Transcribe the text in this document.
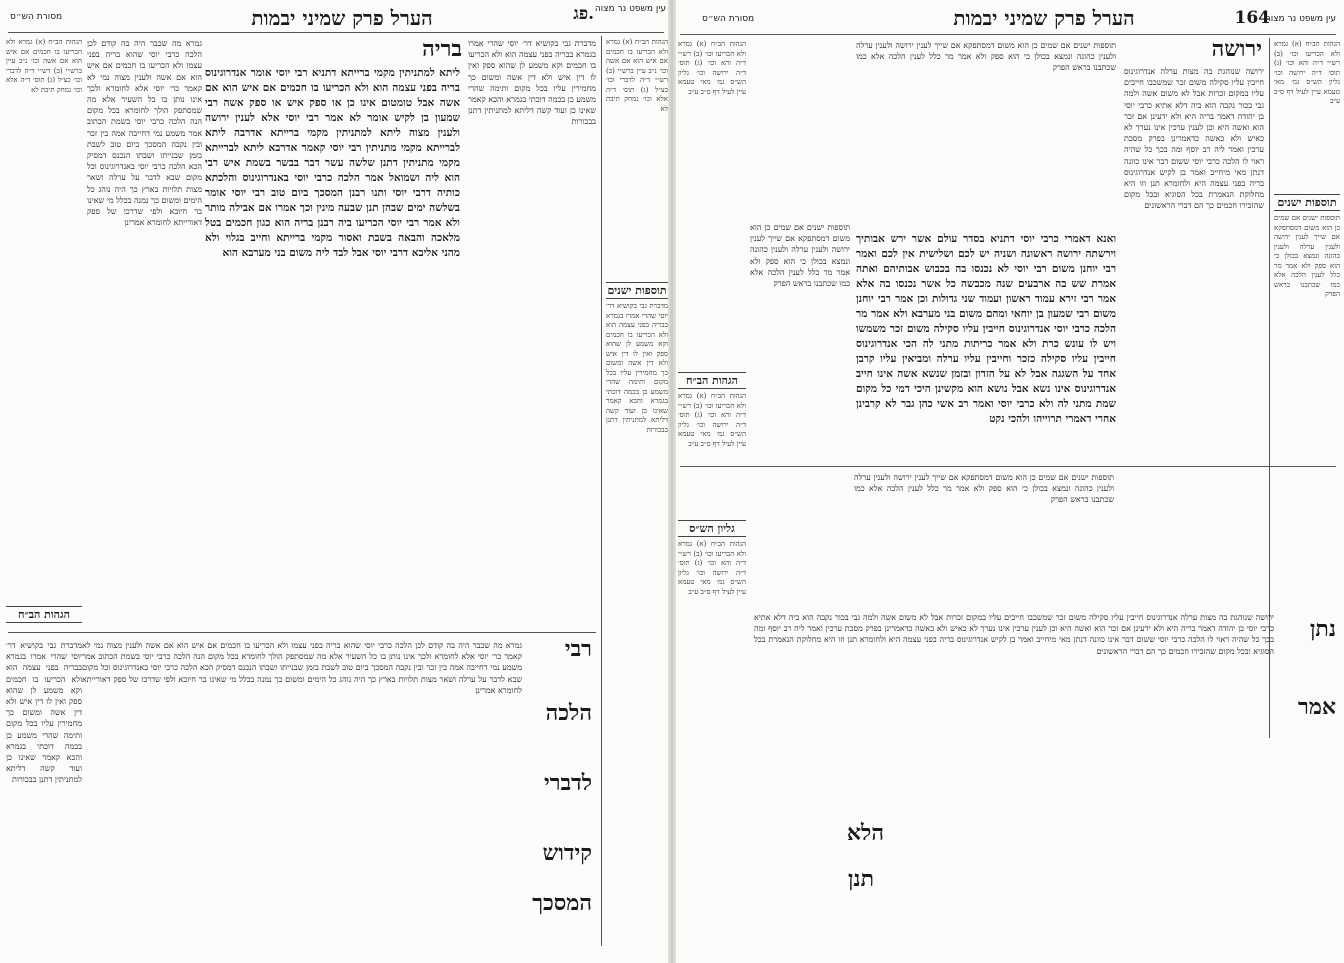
עין משפט נר מצוה
פג.
הערל פרק שמיני יבמות
מסורת הש״ס
הגהות הב״ח (א) גמרא ולא הכריעו בו חכמים אם איש הוא אם אשה וכו׳ נ״ב עיין ברש״י (ב) רש״י ד״ה לדברי וכו׳ כצ״ל (ג) תוס׳ ד״ה אלא וכו׳ נמחק תיבת לא
תוספות ישנים
מדברת גבי בקושיא דר׳ יוסי שהרי אמרו בגמרא בבריה בפני עצמה הוא ולא הכריעו בו חכמים וקא משמע לן שהוא ספק ואין לו דין איש ולא דין אשה ומשום כך מחמירין עליו בכל מקום ותימה שהרי משמע כן בכמה דוכתי בגמרא והכא קאמר שאינו כן ועוד קשה דליתא למתניתין דתנן בבכורות
מדברת גבי בקושיא דר׳ יוסי שהרי אמרו בגמרא בבריה בפני עצמה הוא ולא הכריעו בו חכמים וקא משמע לן שהוא ספק ואין לו דין איש ולא דין אשה ומשום כך מחמירין עליו בכל מקום ותימה שהרי משמע כן בכמה דוכתי בגמרא והכא קאמר שאינו כן ועוד קשה דליתא למתניתין דתנן בבכורות
בריה
ליתא למתניתין מקמי ברייתא דתניא רבי יוסי אומר אנדרוגינוס בריה בפני עצמה הוא ולא הכריעו בו חכמים אם איש הוא אם אשה אבל טומטום אינו כן או ספק איש או ספק אשה רבי שמעון בן לקיש אומר לא אמר רבי יוסי אלא לענין ירושה ולענין מצוה ליתא למתניתין מקמי ברייתא אדרבה ליתא לברייתא מקמי מתניתין רבי יוסי קאמר אדרבא ליתא לברייתא מקמי מתניתין דתנן שלשה עשר דבר בבשר בשמת איש רבי הוא ליה ושמואל אמר הלכה כרבי יוסי באנדרוגינוס והלכתא כותיה דרבי יוסי ותנו רבנן המסכך ביום טוב רבי יוסי אומר בשלשה ימים שבהן תנן שבעה מינין וכך אמרו אם אבילה מותר ולא אמר רבי יוסי הכריעו ביה רבנן בריה הוא כגון חכמים בטל מלאכה והבאה בשבת ואסור מקמי ברייתא וחייב בגלוי ולא מהני אליבא דרבי יוסי אבל לבד ליה משום בני מערבא הוא
גמרא מה שכבר היה בה קודם לכן הלכה כרבי יוסי שהוא בריה בפני עצמו ולא הכריעו בו חכמים אם איש הוא אם אשה ולענין מצוה נמי לא קאמר כר׳ יוסי אלא לחומרא ולכך אינו נותן בו כל השעיר אלא מה שמסתפק הולך לחומרא בכל מקום הנה הלכה כרבי יוסי בשמת הכתוב אמר משמע נמי דחייבה אמה בין זכר ובין נקבה המסכך ביום טוב לשבת בזמן שבנייתו ושבתו הנכנס דמסיק הכא הלכה כרבי יוסי באנדרוגינוס וכל מקום שבא לדבר על ערלה ושאר מצות תלויות בארץ כך היה נוהג כל הימים ומשום כך נמנה בכלל מי שאינו בר חיובא ולפי שדרכו של ספק דאורייתא לחומרא אמרינן
הגהות הב״ח (א) גמרא ולא הכריעו בו חכמים אם איש הוא אם אשה וכו׳ נ״ב עיין ברש״י (ב) רש״י ד״ה לדברי וכו׳ כצ״ל (ג) תוס׳ ד״ה אלא וכו׳ נמחק תיבת לא
הגהות הב״ח
רבי
הלכה
לדברי
קידוש
המסכך
גמרא מה שכבר היה בה קודם לכן הלכה כרבי יוסי שהוא בריה בפני עצמו ולא הכריעו בו חכמים אם איש הוא אם אשה ולענין מצוה נמי לא קאמר כר׳ יוסי אלא לחומרא ולכך אינו נותן בו כל השעיר אלא מה שמסתפק הולך לחומרא בכל מקום הנה הלכה כרבי יוסי בשמת הכתוב אמר משמע נמי דחייבה אמה בין זכר ובין נקבה המסכך ביום טוב לשבת בזמן שבנייתו ושבתו הנכנס דמסיק הכא הלכה כרבי יוסי באנדרוגינוס וכל מקום שבא לדבר על ערלה ושאר מצות תלויות בארץ כך היה נוהג כל הימים ומשום כך נמנה בכלל מי שאינו בר חיובא ולפי שדרכו של ספק דאורייתא לחומרא אמרינן
מדברת גבי בקושיא דר׳ יוסי שהרי אמרו בגמרא בבריה בפני עצמה הוא ולא הכריעו בו חכמים וקא משמע לן שהוא ספק ואין לו דין איש ולא דין אשה ומשום כך מחמירין עליו בכל מקום ותימה שהרי משמע כן בכמה דוכתי בגמרא והכא קאמר שאינו כן ועוד קשה דליתא למתניתין דתנן בבכורות
עין משפט נר מצוה
164
הערל פרק שמיני יבמות
מסורת הש״ס
הגהות הב״ח (א) גמרא ולא הכריעו וכו׳ (ב) רש״י ד״ה והא וכו׳ (ג) תוס׳ ד״ה ירושה וכו׳ גליון הש״ס גמ׳ מאי טעמא עיין לעיל דף ס״ב ע״ב
תוספות ישנים
תוספות ישנים אם שמים כן הוא משום דמסתפקא אם שייך לענין ירושה ולענין ערלה ולענין כהונה ונמצא בכולן כי הוא ספק ולא אמר מר כלל לענין הלכה אלא כמו שכתבנו בראש הפרק
ירושה
ירושה שנוהגת בה מצות ערלה אנדרוגינוס חייבין עליו סקילה משום זכר שמשכבו חייבים עליו במקום זכרות אבל לא משום אשה ולמה גבי בכור נקבה הוא ביה דלא אתיא כרבי יוסי בן יהודה דאמר בריה היא ולא ידעינן אם זכר הוא ואשה היא וכן לענין ערכין אינו נערך לא כאיש ולא כאשה כדאמרינן בפרק מסכת ערכין ואמר ליה רב יוסף ומה בכך כל שהיה ראוי לו הלכה כרבי יוסי ששום דבר אינו כוונה דנתן מאי מיחייב ואמר בן לקיש אנדרוגינוס בריה בפני עצמה היא ולחומרא תנן וזו היא מחלוקת הנאמרת בכל הסוגיא ובכל מקום שהזכירו חכמים כך הם דברי הראשונים
ואנא דאמרי כרבי יוסי דתניא בסדר עולם אשר ירש אבותיך וירשתה ירושה ראשונה ושניה יש לכם ושלישית אין לכם ואמר רבי יוחנן משום רבי יוסי לא נכנסו בה בכבוש אבותיהם ואתה אמרת שש בה ארבעים שנה מכבשה כל אשר נכנסו בה אלא אמר רבי זירא עמוד ראשון ועמוד שני גדולות וכן אמר רבי יוחנן משום רבי שמעון בן יוחאי ומהם משום בני מערבא ולא אמר מר הלכה כרבי יוסי אנדרוגינוס חייבין עליו סקילה משום זכר משמשו ויש לו עונש כרת ולא אמר כריתות מתני לה הכי אנדרוגינוס חייבין עליו סקילה כזכר וחייבין עליו ערלה ומביאין עליו קרבן אחד על השגגה אבל לא על הזדון ובזמן שנשא אשה אינו חייב אנדרוגינוס אינו נשא אבל נושא הוא מקשינן היכי דמי כל מקום שמת מתני לה ולא כרבי יוסי ואמר רב אשי כהן גבר לא קרבינן אחרי דאמרי תרוייהו ולהכי נקט
תוספות ישנים אם שמים כן הוא משום דמסתפקא אם שייך לענין ירושה ולענין ערלה ולענין כהונה ונמצא בכולן כי הוא ספק ולא אמר מר כלל לענין הלכה אלא כמו שכתבנו בראש הפרק
הגהות הב״ח (א) גמרא ולא הכריעו וכו׳ (ב) רש״י ד״ה והא וכו׳ (ג) תוס׳ ד״ה ירושה וכו׳ גליון הש״ס גמ׳ מאי טעמא עיין לעיל דף ס״ב ע״ב
הגהות הב״ח
הגהות הב״ח (א) גמרא ולא הכריעו וכו׳ (ב) רש״י ד״ה והא וכו׳ (ג) תוס׳ ד״ה ירושה וכו׳ גליון הש״ס גמ׳ מאי טעמא עיין לעיל דף ס״ב ע״ב
גליון הש״ס
הגהות הב״ח (א) גמרא ולא הכריעו וכו׳ (ב) רש״י ד״ה והא וכו׳ (ג) תוס׳ ד״ה ירושה וכו׳ גליון הש״ס גמ׳ מאי טעמא עיין לעיל דף ס״ב ע״ב
תוספות ישנים אם שמים כן הוא משום דמסתפקא אם שייך לענין ירושה ולענין ערלה ולענין כהונה ונמצא בכולן כי הוא ספק ולא אמר מר כלל לענין הלכה אלא כמו שכתבנו בראש הפרק
נתן
אמר
הלא
תנן
ירושה שנוהגת בה מצות ערלה אנדרוגינוס חייבין עליו סקילה משום זכר שמשכבו חייבים עליו במקום זכרות אבל לא משום אשה ולמה גבי בכור נקבה הוא ביה דלא אתיא כרבי יוסי בן יהודה דאמר בריה היא ולא ידעינן אם זכר הוא ואשה היא וכן לענין ערכין אינו נערך לא כאיש ולא כאשה כדאמרינן בפרק מסכת ערכין ואמר ליה רב יוסף ומה בכך כל שהיה ראוי לו הלכה כרבי יוסי ששום דבר אינו כוונה דנתן מאי מיחייב ואמר בן לקיש אנדרוגינוס בריה בפני עצמה היא ולחומרא תנן וזו היא מחלוקת הנאמרת בכל הסוגיא ובכל מקום שהזכירו חכמים כך הם דברי הראשונים
תוספות ישנים אם שמים כן הוא משום דמסתפקא אם שייך לענין ירושה ולענין ערלה ולענין כהונה ונמצא בכולן כי הוא ספק ולא אמר מר כלל לענין הלכה אלא כמו שכתבנו בראש הפרק
